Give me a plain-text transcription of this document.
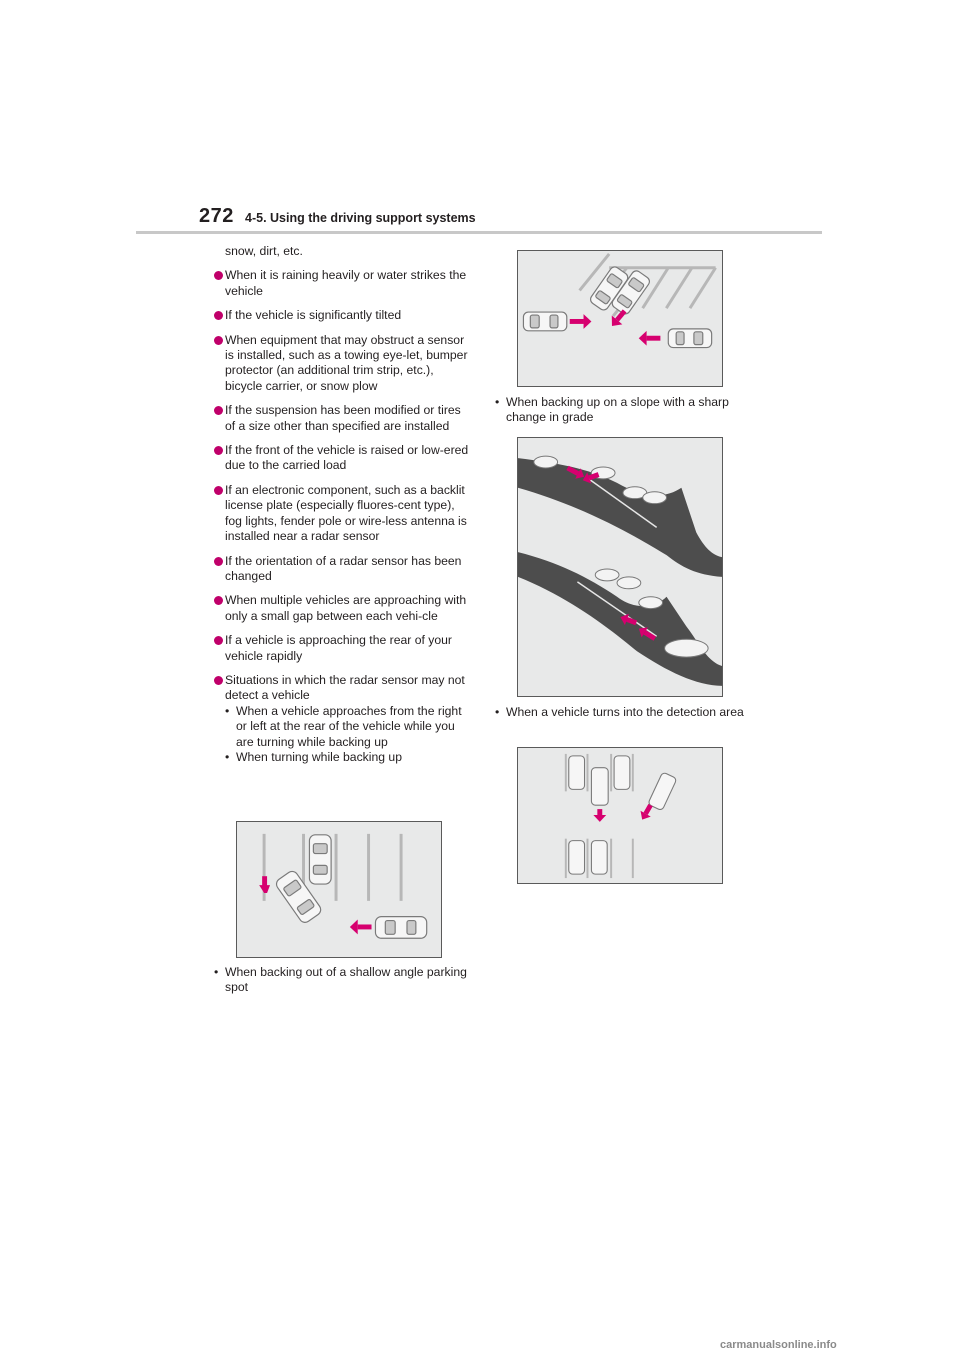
272 4-5. Using the driving support systems
snow, dirt, etc.
When it is raining heavily or water strikes the vehicle
If the vehicle is significantly tilted
When equipment that may obstruct a sensor is installed, such as a towing eye-let, bumper protector (an additional trim strip, etc.), bicycle carrier, or snow plow
If the suspension has been modified or tires of a size other than specified are installed
If the front of the vehicle is raised or low-ered due to the carried load
If an electronic component, such as a backlit license plate (especially fluores-cent type), fog lights, fender pole or wire-less antenna is installed near a radar sensor
If the orientation of a radar sensor has been changed
When multiple vehicles are approaching with only a small gap between each vehi-cle
If a vehicle is approaching the rear of your vehicle rapidly
Situations in which the radar sensor may not detect a vehicle
• When a vehicle approaches from the right or left at the rear of the vehicle while you are turning while backing up
• When turning while backing up
• When backing out of a shallow angle parking spot
• When backing up on a slope with a sharp change in grade
• When a vehicle turns into the detection area
carmanualsonline.info
